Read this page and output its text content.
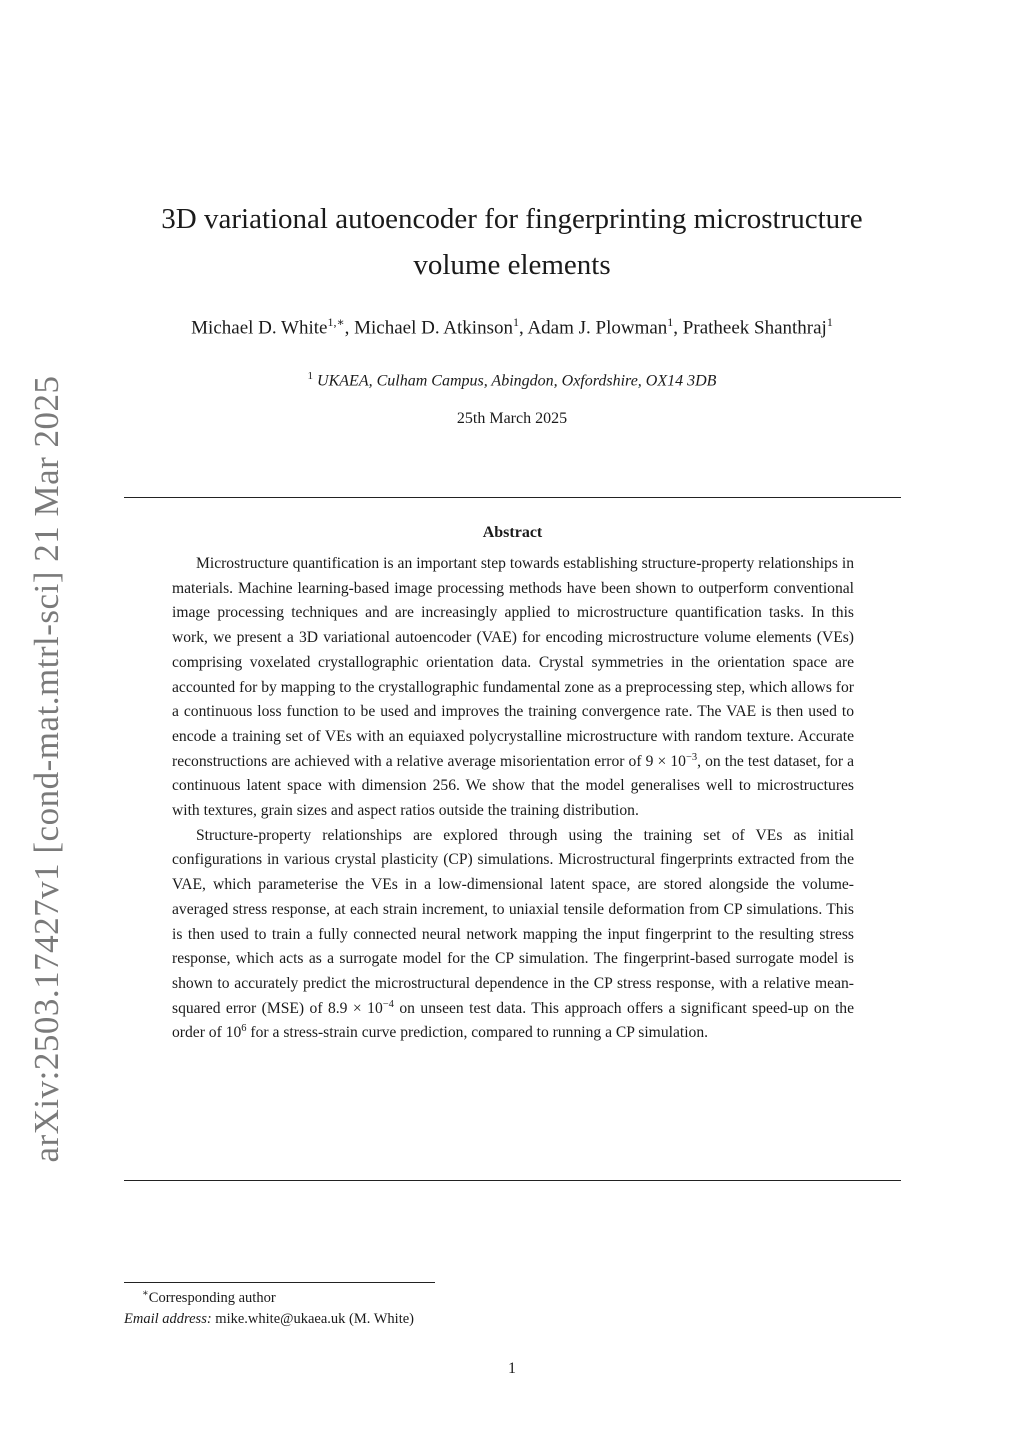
arXiv:2503.17427v1 [cond-mat.mtrl-sci] 21 Mar 2025
3D variational autoencoder for fingerprinting microstructure
volume elements
Michael D. White$^{1,∗}$, Michael D. Atkinson$^1$, Adam J. Plowman$^1$, Pratheek Shanthraj$^1$
$^1$ UKAEA, Culham Campus, Abingdon, Oxfordshire, OX14 3DB
25th March 2025
Abstract

Microstructure quantification is an important step towards establishing structure-property relationships in materials. Machine learning-based image processing methods have been shown to outperform conventional image processing techniques and are increasingly applied to microstructure quantification tasks. In this work, we present a 3D variational autoencoder (VAE) for encoding microstructure volume elements (VEs) comprising voxelated crystallographic orientation data. Crystal symmetries in the orientation space are accounted for by mapping to the crystallographic fundamental zone as a preprocessing step, which allows for a continuous loss function to be used and improves the training convergence rate. The VAE is then used to encode a training set of VEs with an equiaxed polycrystalline microstructure with random texture. Accurate reconstructions are achieved with a relative average misorientation error of $9 \times 10^{-3}$, on the test dataset, for a continuous latent space with dimension 256. We show that the model generalises well to microstructures with textures, grain sizes and aspect ratios outside the training distribution.

Structure-property relationships are explored through using the training set of VEs as initial configurations in various crystal plasticity (CP) simulations. Microstructural fingerprints extracted from the VAE, which parameterise the VEs in a low-dimensional latent space, are stored alongside the volume-averaged stress response, at each strain increment, to uniaxial tensile deformation from CP simulations. This is then used to train a fully connected neural network mapping the input fingerprint to the resulting stress response, which acts as a surrogate model for the CP simulation. The fingerprint-based surrogate model is shown to accurately predict the microstructural dependence in the CP stress response, with a relative mean-squared error (MSE) of $8.9 \times 10^{-4}$ on unseen test data. This approach offers a significant speed-up on the order of $10^6$ for a stress-strain curve prediction, compared to running a CP simulation.

∗Corresponding author
Email address: mike.white@ukaea.uk (M. White)
1
